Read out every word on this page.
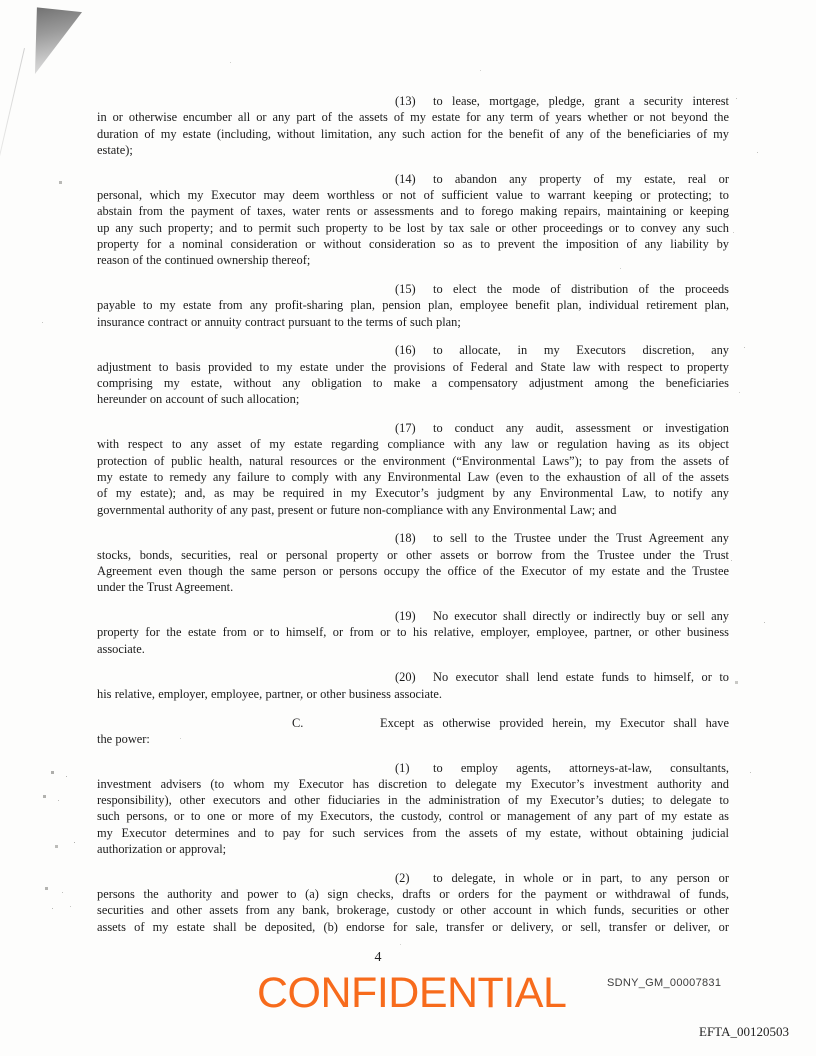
(13)	to lease, mortgage, pledge, grant a security interest
in or otherwise encumber all or any part of the assets of my estate for any term of years whether or not beyond the
duration of my estate (including, without limitation, any such action for the benefit of any of the beneficiaries of my
estate);
(14)	to abandon any property of my estate, real or
personal, which my Executor may deem worthless or not of sufficient value to warrant keeping or protecting; to
abstain from the payment of taxes, water rents or assessments and to forego making repairs, maintaining or keeping
up any such property; and to permit such property to be lost by tax sale or other proceedings or to convey any such
property for a nominal consideration or without consideration so as to prevent the imposition of any liability by
reason of the continued ownership thereof;
(15)	to elect the mode of distribution of the proceeds
payable to my estate from any profit-sharing plan, pension plan, employee benefit plan, individual retirement plan,
insurance contract or annuity contract pursuant to the terms of such plan;
(16)	to allocate, in my Executors discretion, any
adjustment to basis provided to my estate under the provisions of Federal and State law with respect to property
comprising my estate, without any obligation to make a compensatory adjustment among the beneficiaries
hereunder on account of such allocation;
(17)	to conduct any audit, assessment or investigation
with respect to any asset of my estate regarding compliance with any law or regulation having as its object
protection of public health, natural resources or the environment (“Environmental Laws”); to pay from the assets of
my estate to remedy any failure to comply with any Environmental Law (even to the exhaustion of all of the assets
of my estate); and, as may be required in my Executor’s judgment by any Environmental Law, to notify any
governmental authority of any past, present or future non-compliance with any Environmental Law; and
(18)	to sell to the Trustee under the Trust Agreement any
stocks, bonds, securities, real or personal property or other assets or borrow from the Trustee under the Trust
Agreement even though the same person or persons occupy the office of the Executor of my estate and the Trustee
under the Trust Agreement.
(19)	No executor shall directly or indirectly buy or sell any
property for the estate from or to himself, or from or to his relative, employer, employee, partner, or other business
associate.
(20)	No executor shall lend estate funds to himself, or to
his relative, employer, employee, partner, or other business associate.
C.	Except as otherwise provided herein, my Executor shall have
the power:
(1)	to employ agents, attorneys-at-law, consultants,
investment advisers (to whom my Executor has discretion to delegate my Executor’s investment authority and
responsibility), other executors and other fiduciaries in the administration of my Executor’s duties; to delegate to
such persons, or to one or more of my Executors, the custody, control or management of any part of my estate as
my Executor determines and to pay for such services from the assets of my estate, without obtaining judicial
authorization or approval;
(2)	to delegate, in whole or in part, to any person or
persons the authority and power to (a) sign checks, drafts or orders for the payment or withdrawal of funds,
securities and other assets from any bank, brokerage, custody or other account in which funds, securities or other
assets of my estate shall be deposited, (b) endorse for sale, transfer or delivery, or sell, transfer or deliver, or
4
CONFIDENTIAL	SDNY_GM_00007831
EFTA_00120503
